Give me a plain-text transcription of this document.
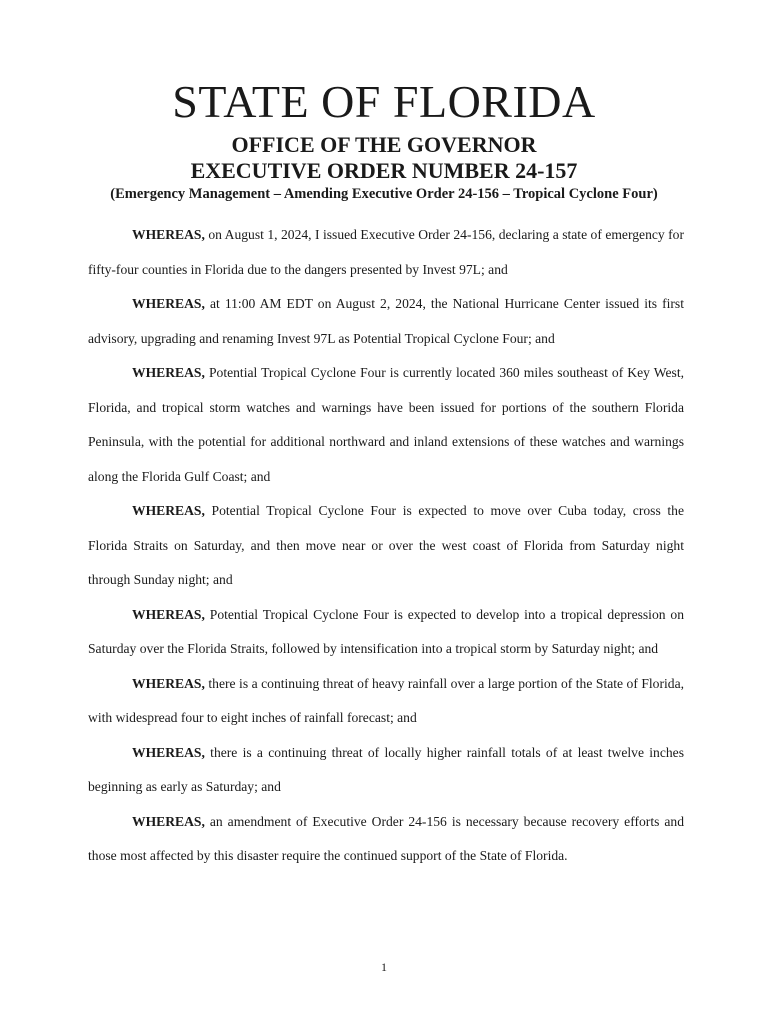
STATE OF FLORIDA
OFFICE OF THE GOVERNOR
EXECUTIVE ORDER NUMBER 24-157
(Emergency Management – Amending Executive Order 24-156 – Tropical Cyclone Four)

WHEREAS, on August 1, 2024, I issued Executive Order 24-156, declaring a state of emergency for fifty-four counties in Florida due to the dangers presented by Invest 97L; and

WHEREAS, at 11:00 AM EDT on August 2, 2024, the National Hurricane Center issued its first advisory, upgrading and renaming Invest 97L as Potential Tropical Cyclone Four; and

WHEREAS, Potential Tropical Cyclone Four is currently located 360 miles southeast of Key West, Florida, and tropical storm watches and warnings have been issued for portions of the southern Florida Peninsula, with the potential for additional northward and inland extensions of these watches and warnings along the Florida Gulf Coast; and

WHEREAS, Potential Tropical Cyclone Four is expected to move over Cuba today, cross the Florida Straits on Saturday, and then move near or over the west coast of Florida from Saturday night through Sunday night; and

WHEREAS, Potential Tropical Cyclone Four is expected to develop into a tropical depression on Saturday over the Florida Straits, followed by intensification into a tropical storm by Saturday night; and

WHEREAS, there is a continuing threat of heavy rainfall over a large portion of the State of Florida, with widespread four to eight inches of rainfall forecast; and

WHEREAS, there is a continuing threat of locally higher rainfall totals of at least twelve inches beginning as early as Saturday; and

WHEREAS, an amendment of Executive Order 24-156 is necessary because recovery efforts and those most affected by this disaster require the continued support of the State of Florida.

1
